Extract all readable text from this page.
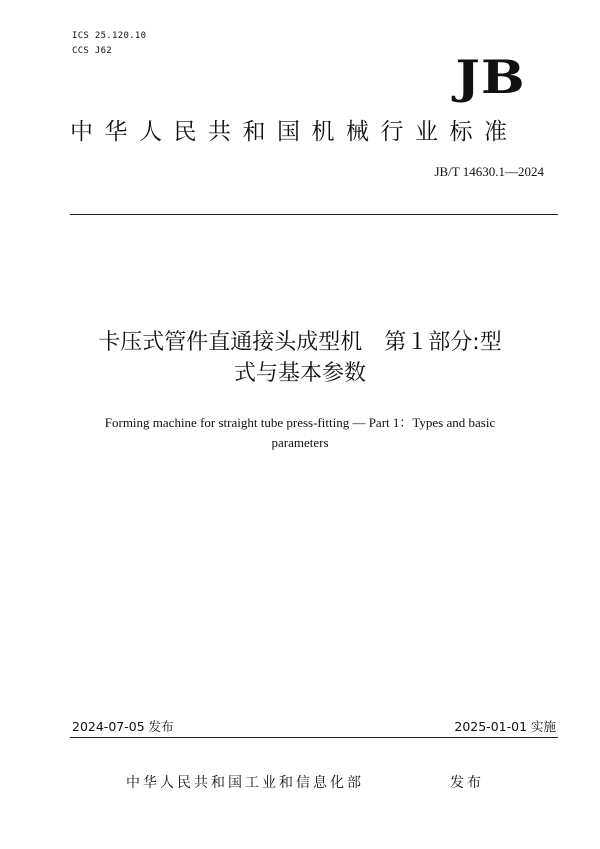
ICS 25.120.10
CCS J62	JB
中华人民共和国机械行业标准
JB/T 14630.1—2024
卡压式管件直通接头成型机　第１部分:型
式与基本参数
Forming machine for straight tube press-fitting — Part 1：Types and basic
parameters
2024-07-05 发布	2025-01-01 实施
中华人民共和国工业和信息化部	发布
